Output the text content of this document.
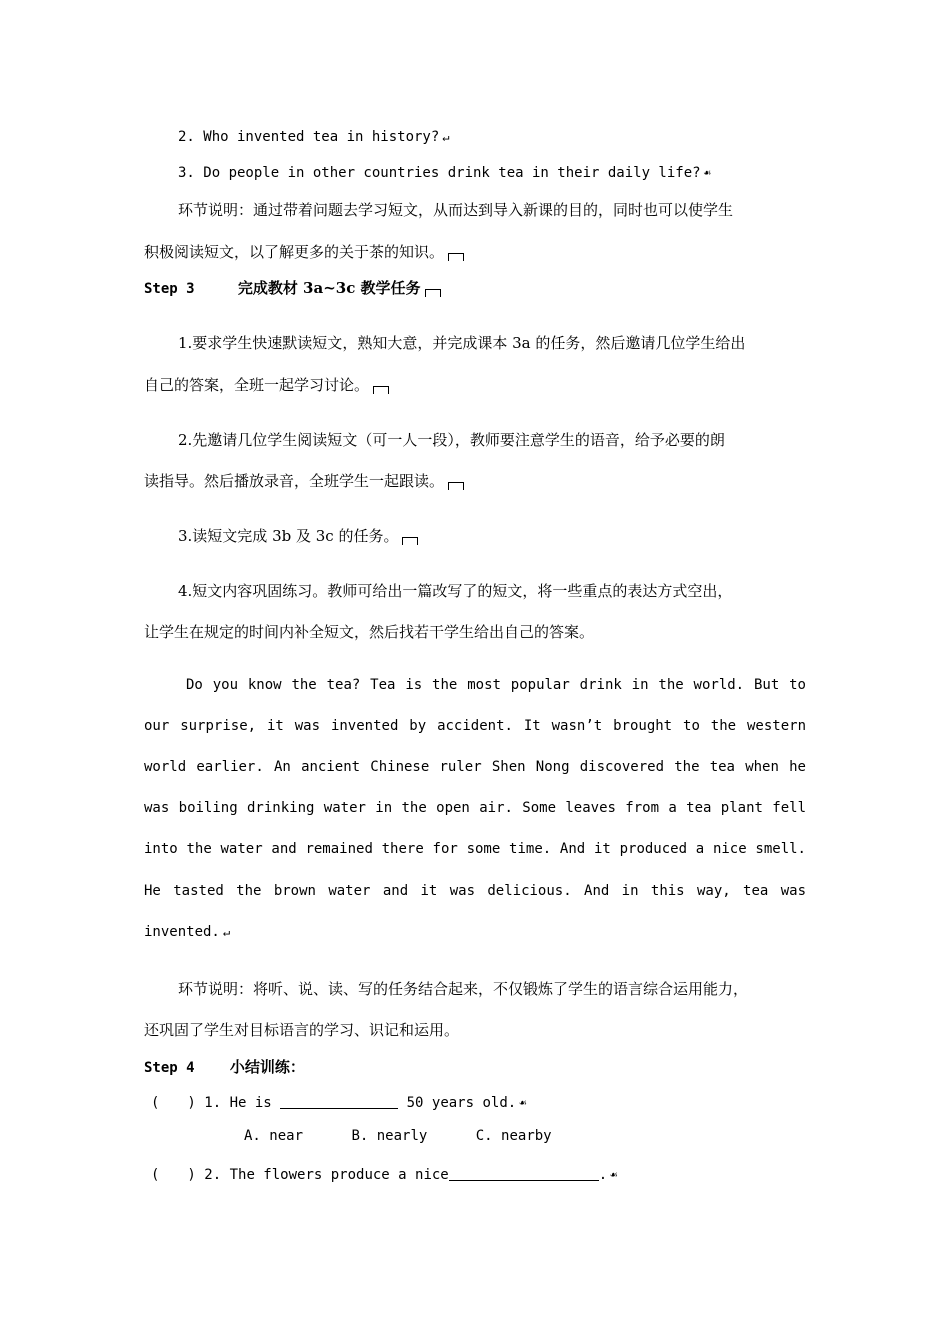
2. Who invented tea in history? ↵
3. Do people in other countries drink tea in their daily life? ☙
环节说明：通过带着问题去学习短文，从而达到导入新课的目的，同时也可以使学生
积极阅读短文，以了解更多的关于茶的知识。
Step 3	完成教材 3a~3c 教学任务
1.要求学生快速默读短文，熟知大意，并完成课本 3a 的任务，然后邀请几位学生给出
自己的答案，全班一起学习讨论。
2.先邀请几位学生阅读短文（可一人一段），教师要注意学生的语音，给予必要的朗
读指导。然后播放录音，全班学生一起跟读。
3.读短文完成 3b 及 3c 的任务。
4.短文内容巩固练习。教师可给出一篇改写了的短文，将一些重点的表达方式空出，
让学生在规定的时间内补全短文，然后找若干学生给出自己的答案。
Do you know the tea? Tea is the most popular drink in the world. But to
our surprise, it was invented by accident. It wasn’t brought to the western
world earlier. An ancient Chinese ruler Shen Nong discovered the tea when he
was boiling drinking water in the open air. Some leaves from a tea plant fell
into the water and remained there for some time. And it produced a nice smell.
He tasted the brown water and it was delicious. And in this way, tea was
invented. ↵
环节说明：将听、说、读、写的任务结合起来，不仅锻炼了学生的语言综合运用能力，
还巩固了学生对目标语言的学习、识记和运用。
Step 4 小结训练：
(　　) 1. He is	50 years old. ☙
A. near	B. nearly	C. nearby
(　　) 2. The flowers produce a nice	. ☙
